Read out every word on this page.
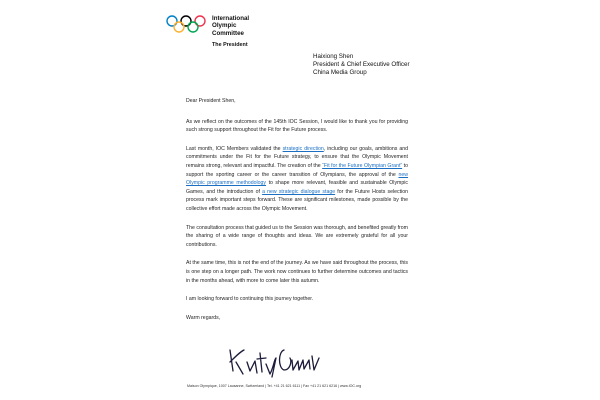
International
Olympic
Committee
The President
Haixiong Shen
President & Chief Executive Officer
China Media Group

Dear President Shen,

As we reflect on the outcomes of the 145th IOC Session, I would like to thank you for providing such strong support throughout the Fit for the Future process.

Last month, IOC Members validated the strategic direction, including our goals, ambitions and commitments under the Fit for the Future strategy, to ensure that the Olympic Movement remains strong, relevant and impactful. The creation of the “Fit for the Future Olympian Grant” to support the sporting career or the career transition of Olympians, the approval of the new Olympic programme methodology to shape more relevant, feasible and sustainable Olympic Games, and the introduction of a new strategic dialogue stage for the Future Hosts selection process mark important steps forward. These are significant milestones, made possible by the collective effort made across the Olympic Movement.

The consultation process that guided us to the Session was thorough, and benefited greatly from the sharing of a wide range of thoughts and ideas. We are extremely grateful for all your contributions.

At the same time, this is not the end of the journey. As we have said throughout the process, this is one step on a longer path. The work now continues to further determine outcomes and tactics in the months ahead, with more to come later this autumn.

I am looking forward to continuing this journey together.

Warm regards,

Maison Olympique, 1007 Lausanne, Switzerland | Tel. +41 21 621 6111 | Fax +41 21 621 6216 | www.IOC.org
